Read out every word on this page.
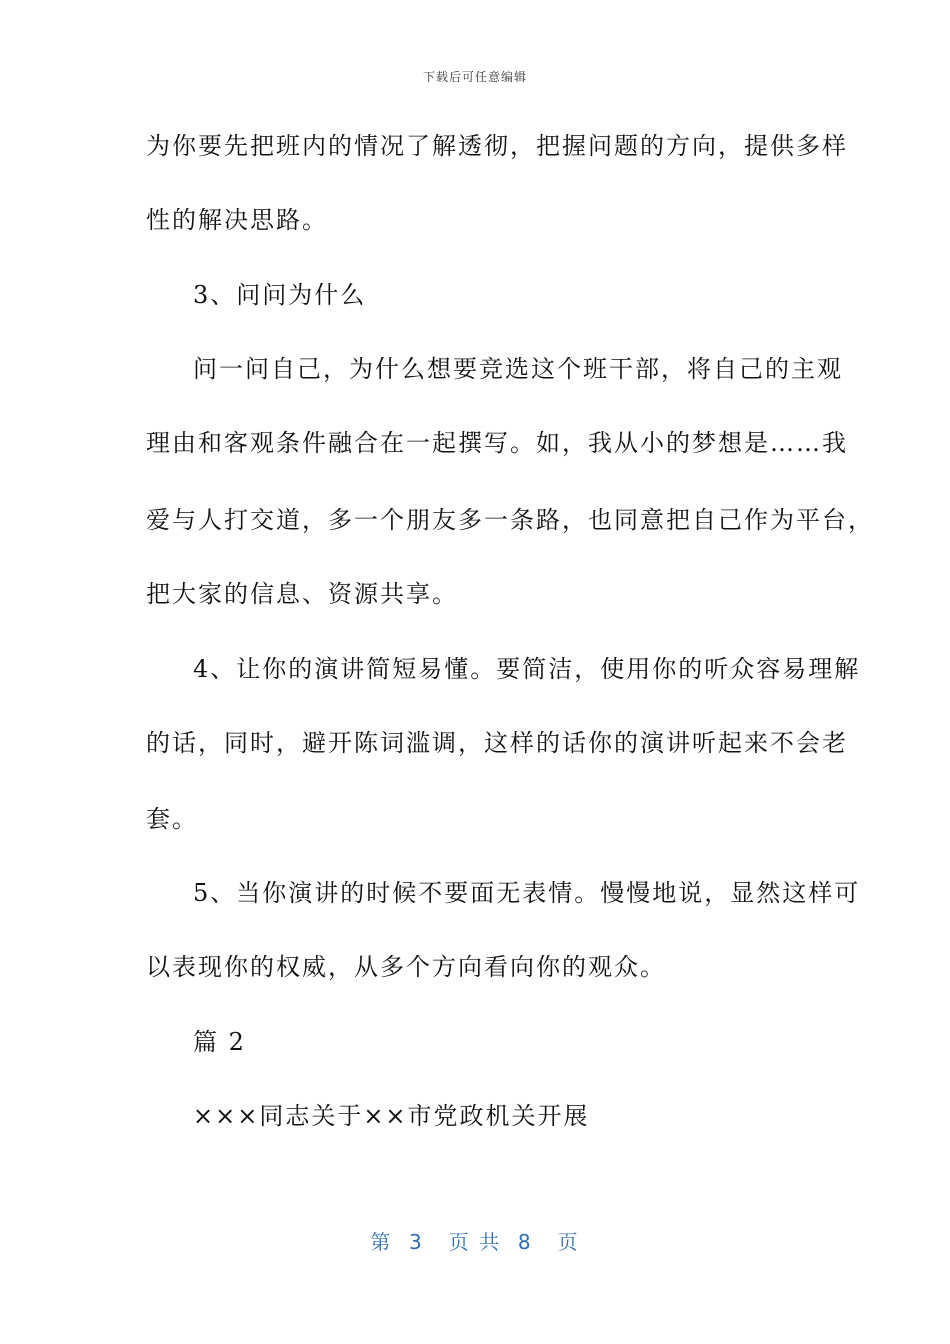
下载后可任意编辑
为你要先把班内的情况了解透彻，把握问题的方向，提供多样
性的解决思路。
3、问问为什么
问一问自己，为什么想要竞选这个班干部，将自己的主观
理由和客观条件融合在一起撰写。如，我从小的梦想是……我
爱与人打交道，多一个朋友多一条路，也同意把自己作为平台，
把大家的信息、资源共享。
4、让你的演讲简短易懂。要简洁，使用你的听众容易理解
的话，同时，避开陈词滥调，这样的话你的演讲听起来不会老
套。
5、当你演讲的时候不要面无表情。慢慢地说，显然这样可
以表现你的权威，从多个方向看向你的观众。
篇 2
×××同志关于××市党政机关开展
第  3   页 共  8   页
